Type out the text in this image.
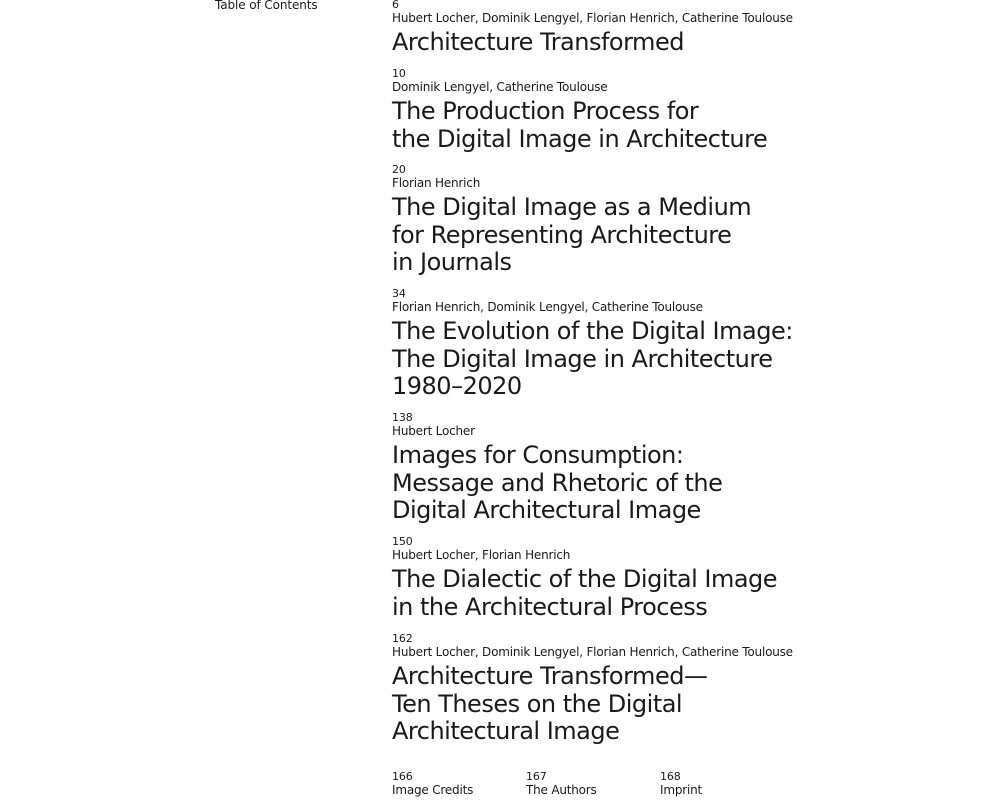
Table of Contents	6
Hubert Locher, Dominik Lengyel, Florian Henrich, Catherine Toulouse
Architecture Transformed
10
Dominik Lengyel, Catherine Toulouse
The Production Process for
the Digital Image in Architecture
20
Florian Henrich
The Digital Image as a Medium
for Representing Architecture
in Journals
34
Florian Henrich, Dominik Lengyel, Catherine Toulouse
The Evolution of the Digital Image:
The Digital Image in Architecture
1980–2020
138
Hubert Locher
Images for Consumption:
Message and Rhetoric of the
Digital Architectural Image
150
Hubert Locher, Florian Henrich
The Dialectic of the Digital Image
in the Architectural Process
162
Hubert Locher, Dominik Lengyel, Florian Henrich, Catherine Toulouse
Architecture Transformed—
Ten Theses on the Digital
Architectural Image
166
Image Credits
167
The Authors
168
Imprint
